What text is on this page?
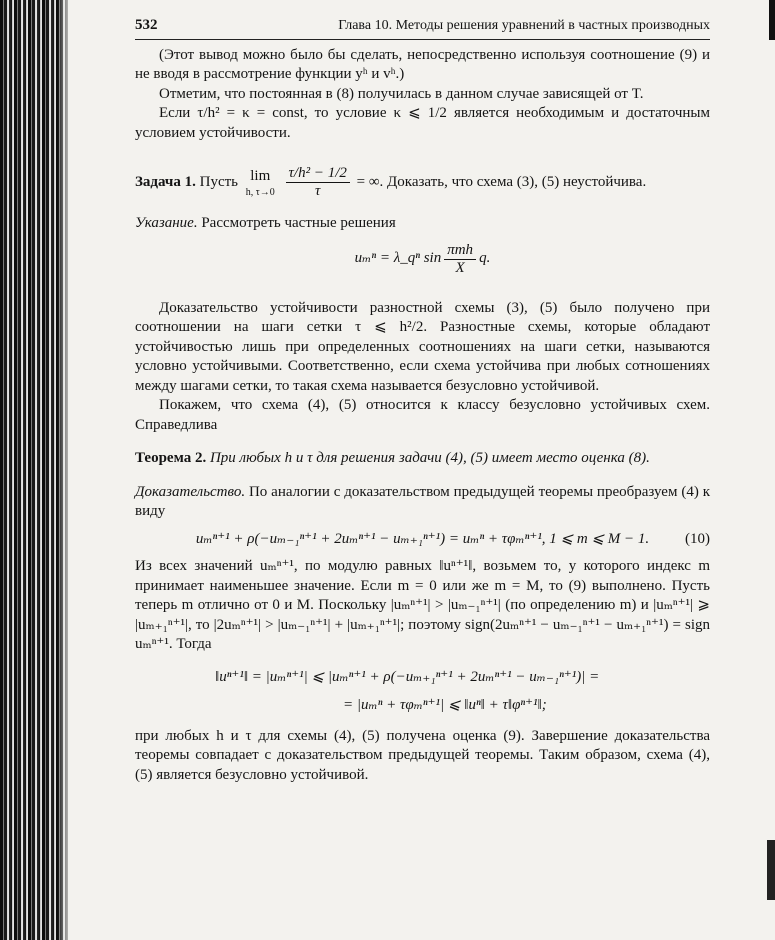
532	Глава 10. Методы решения уравнений в частных производных

(Этот вывод можно было бы сделать, непосредственно используя соотношение (9) и не вводя в рассмотрение функции yʰ и vʰ.)

Отметим, что постоянная в (8) получилась в данном случае зависящей от T.

Если τ/h² = κ = const, то условие κ ⩽ 1/2 является необходимым и достаточным условием устойчивости.

Задача 1. Пусть lim
h, τ→0
$\frac{\text{τ/h² − 1/2}}{\tau}$ = ∞. Доказать, что схема (3), (5) неустойчива.

Указание. Рассмотреть частные решения

uₘⁿ = λ_qⁿ $\sin \frac{\text{πmh}}{X} q$.

Доказательство устойчивости разностной схемы (3), (5) было получено при соотношении на шаги сетки τ ⩽ h²/2. Разностные схемы, которые обладают устойчивостью лишь при определенных соотношениях на шаги сетки, называются условно устойчивыми. Соответственно, если схема устойчива при любых сотношениях между шагами сетки, то такая схема называется безусловно устойчивой.

Покажем, что схема (4), (5) относится к классу безусловно устойчивых схем. Справедлива

Теорема 2. При любых h и τ для решения задачи (4), (5) имеет место оценка (8).

Доказательство. По аналогии с доказательством предыдущей теоремы преобразуем (4) к виду

uₘⁿ⁺¹ + ρ(−uₘ₋₁ⁿ⁺¹ + 2uₘⁿ⁺¹ − uₘ₊₁ⁿ⁺¹) = uₘⁿ + τφₘⁿ⁺¹, 1 ⩽ m ⩽ M − 1. (10)

Из всех значений uₘⁿ⁺¹, по модулю равных ‖uⁿ⁺¹‖, возьмем то, у которого индекс m принимает наименьшее значение. Если m = 0 или же m = M, то (9) выполнено. Пусть теперь m отлично от 0 и M. Поскольку |uₘⁿ⁺¹| > |uₘ₋₁ⁿ⁺¹| (по определению m) и |uₘⁿ⁺¹| ⩾ |uₘ₊₁ⁿ⁺¹|, то |2uₘⁿ⁺¹| > |uₘ₋₁ⁿ⁺¹| + |uₘ₊₁ⁿ⁺¹|; поэтому sign(2uₘⁿ⁺¹ − uₘ₋₁ⁿ⁺¹ − uₘ₊₁ⁿ⁺¹) = sign uₘⁿ⁺¹. Тогда

‖uⁿ⁺¹‖ = |uₘⁿ⁺¹| ⩽ |uₘⁿ⁺¹ + ρ(−uₘ₊₁ⁿ⁺¹ + 2uₘⁿ⁺¹ − uₘ₋₁ⁿ⁺¹)| =
= |uₘⁿ + τφₘⁿ⁺¹| ⩽ ‖uⁿ‖ + τ‖φⁿ⁺¹‖;

при любых h и τ для схемы (4), (5) получена оценка (9). Завершение доказательства теоремы совпадает с доказательством предыдущей теоремы. Таким образом, схема (4), (5) является безусловно устойчивой.
